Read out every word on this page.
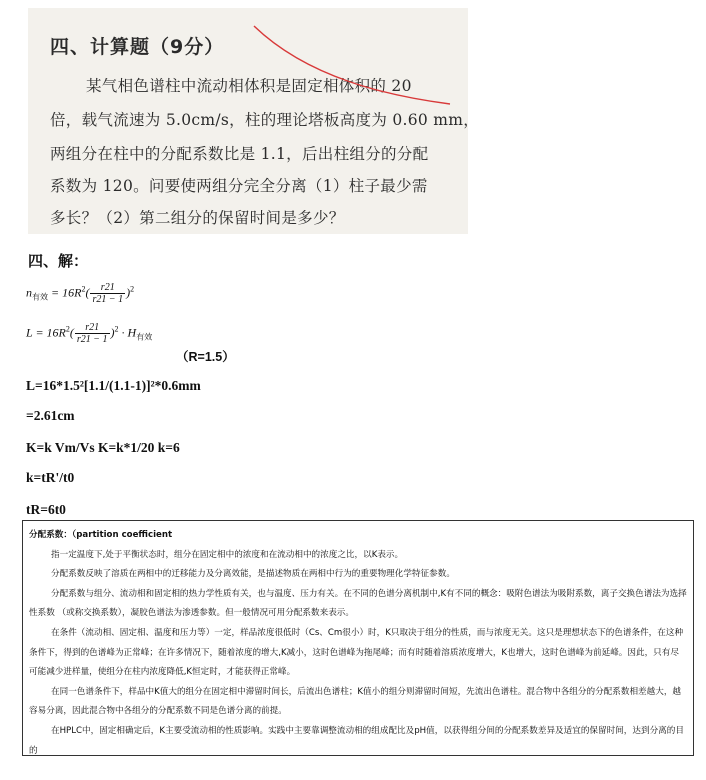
四、计算题（9分）
某气相色谱柱中流动相体积是固定相体积的 20
倍，载气流速为 5.0cm/s，柱的理论塔板高度为 0.60 mm，
两组分在柱中的分配系数比是 1.1，后出柱组分的分配
系数为 120。问要使两组分完全分离（1）柱子最少需
多长？（2）第二组分的保留时间是多少？
四、解：
$n_{有效} = 16R^2( \frac{r21}{r21 - 1} )^2$
$L = 16R^2( \frac{r21}{r21 - 1} )^2 \cdot H_{有效}$
（R=1.5）
L=16*1.5²[1.1/(1.1-1)]²*0.6mm
=2.61cm
K=k Vm/Vs K=k*1/20 k=6
k=tR'/t0
tR=6t0

分配系数：（partition coefficient

指一定温度下,处于平衡状态时，组分在固定相中的浓度和在流动相中的浓度之比，以K表示。

分配系数反映了溶质在两相中的迁移能力及分离效能，是描述物质在两相中行为的重要物理化学特征参数。

分配系数与组分、流动相和固定相的热力学性质有关，也与温度、压力有关。在不同的色谱分离机制中,K有不同的概念：吸附色谱法为吸附系数，离子交换色谱法为选择性系数 （或称交换系数），凝胶色谱法为渗透参数。但一般情况可用分配系数来表示。

在条件（流动相、固定相、温度和压力等）一定，样品浓度很低时（Cs、Cm很小）时，K只取决于组分的性质，而与浓度无关。这只是理想状态下的色谱条件，在这种条件下，得到的色谱峰为正常峰；在许多情况下，随着浓度的增大,K减小，这时色谱峰为拖尾峰；而有时随着溶质浓度增大，K也增大，这时色谱峰为前延峰。因此，只有尽可能减少进样量，使组分在柱内浓度降低,K恒定时，才能获得正常峰。

在同一色谱条件下，样品中K值大的组分在固定相中滞留时间长，后流出色谱柱；K值小的组分则滞留时间短，先流出色谱柱。混合物中各组分的分配系数相差越大，越容易分离，因此混合物中各组分的分配系数不同是色谱分离的前提。

在HPLC中，固定相确定后，K主要受流动相的性质影响。实践中主要靠调整流动相的组成配比及pH值，以获得组分间的分配系数差异及适宜的保留时间，达到分离的目的
